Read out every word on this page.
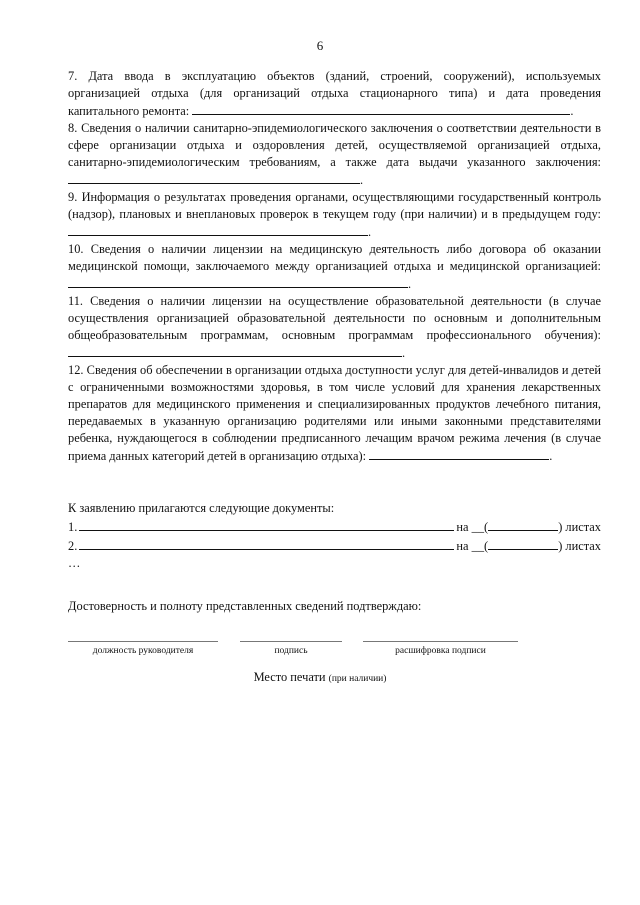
6

7. Дата ввода в эксплуатацию объектов (зданий, строений, сооружений), используемых организацией отдыха (для организаций отдыха стационарного типа) и дата проведения капитального ремонта:	.

8. Сведения о наличии санитарно-эпидемиологического заключения о соответствии деятельности в сфере организации отдыха и оздоровления детей, осуществляемой организацией отдыха, санитарно-эпидемиологическим требованиям, а также дата выдачи указанного заключения: .

9. Информация о результатах проведения органами, осуществляющими государственный контроль (надзор), плановых и внеплановых проверок в текущем году (при наличии) и в предыдущем году: .

10. Сведения о наличии лицензии на медицинскую деятельность либо договора об оказании медицинской помощи, заключаемого между организацией отдыха и медицинской организацией:

.

11. Сведения о наличии лицензии на осуществление образовательной деятельности (в случае осуществления организацией образовательной деятельности по основным и дополнительным общеобразовательным программам, основным программам профессионального обучения): .

12. Сведения об обеспечении в организации отдыха доступности услуг для детей-инвалидов и детей с ограниченными возможностями здоровья, в том числе условий для хранения лекарственных препаратов для медицинского применения и специализированных продуктов лечебного питания, передаваемых в указанную организацию родителями или иными законными представителями ребенка, нуждающегося в соблюдении предписанного лечащим врачом режима лечения (в случае приема данных категорий детей в организацию отдыха):	.

К заявлению прилагаются следующие документы:

1.	на __(	) листах
2.	на __(	) листах

…

Достоверность и полноту представленных сведений подтверждаю:

должность руководителя	подпись	расшифровка подписи
Место печати (при наличии)
